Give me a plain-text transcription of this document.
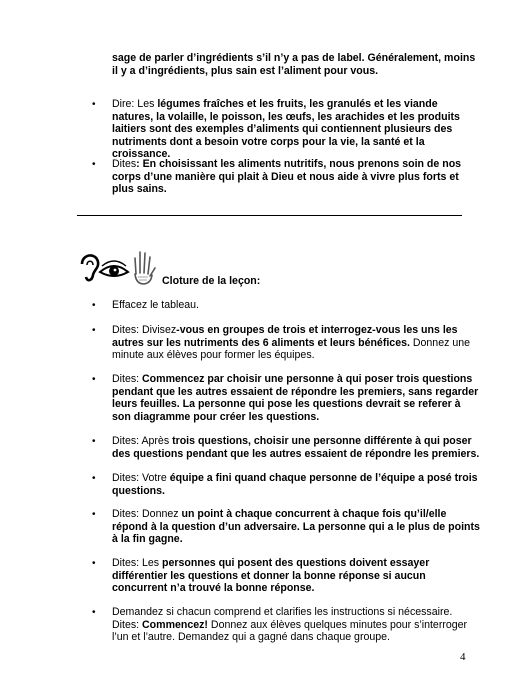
sage de parler d’ingrédients s’il n’y a pas de label. Généralement, moins il y a d’ingrédients, plus sain est l’aliment pour vous.
• Dire: Les légumes fraîches et les fruits, les granulés et les viande natures, la volaille, le poisson, les œufs, les arachides et les produits laitiers sont des exemples d’aliments qui contiennent plusieurs des nutriments dont a besoin votre corps pour la vie, la santé et la croissance.
• Dites: En choisissant les aliments nutritifs, nous prenons soin de nos corps d’une manière qui plait à Dieu et nous aide à vivre plus forts et plus sains.
Cloture de la leçon:
• Effacez le tableau.
• Dites: Divisez-vous en groupes de trois et interrogez-vous les uns les autres sur les nutriments des 6 aliments et leurs bénéfices. Donnez une minute aux élèves pour former les équipes.
• Dites: Commencez par choisir une personne à qui poser trois questions pendant que les autres essaient de répondre les premiers, sans regarder leurs feuilles. La personne qui pose les questions devrait se referer à son diagramme pour créer les questions.
• Dites: Après trois questions, choisir une personne différente à qui poser des questions pendant que les autres essaient de répondre les premiers.
• Dites: Votre équipe a fini quand chaque personne de l’équipe a posé trois questions.
• Dites: Donnez un point à chaque concurrent à chaque fois qu’il/elle répond à la question d’un adversaire. La personne qui a le plus de points à la fin gagne.
• Dites: Les personnes qui posent des questions doivent essayer différentier les questions et donner la bonne réponse si aucun concurrent n’a trouvé la bonne réponse.
• Demandez si chacun comprend et clarifies les instructions si nécessaire. Dites: Commencez! Donnez aux élèves quelques minutes pour s’interroger l’un et l’autre. Demandez qui a gagné dans chaque groupe.
4
